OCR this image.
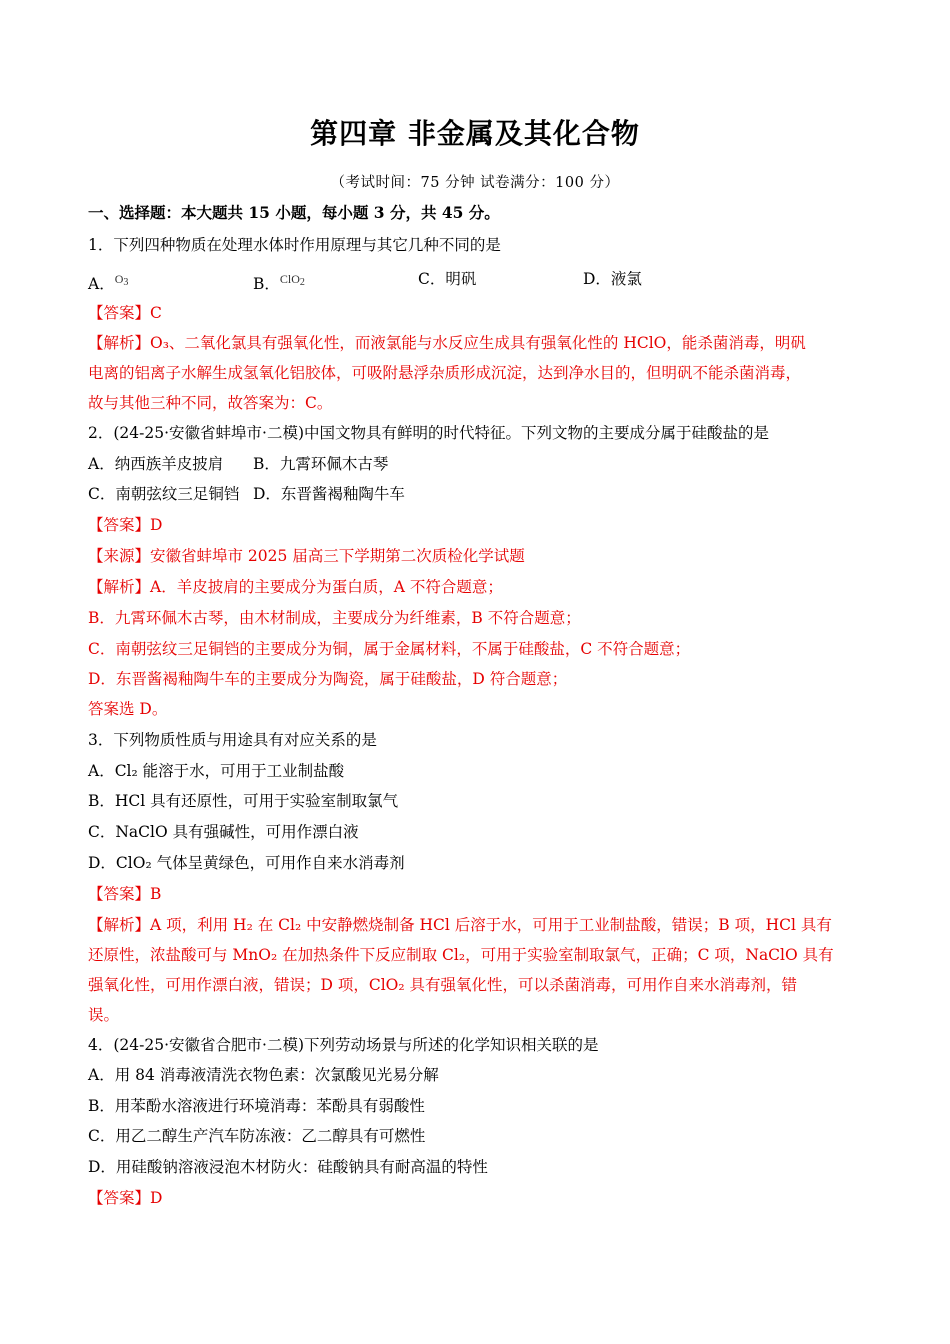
第四章 非金属及其化合物
（考试时间：75 分钟 试卷满分：100 分）
一、选择题：本大题共 15 小题，每小题 3 分，共 45 分。
1．下列四种物质在处理水体时作用原理与其它几种不同的是
A．$^{O_3}$	B．$^{ClO_2}$	C．明矾	D．液氯
【答案】C
【解析】O₃、二氧化氯具有强氧化性，而液氯能与水反应生成具有强氧化性的 HClO，能杀菌消毒，明矾
电离的铝离子水解生成氢氧化铝胶体，可吸附悬浮杂质形成沉淀，达到净水目的，但明矾不能杀菌消毒，
故与其他三种不同，故答案为：C。
2．(24-25·安徽省蚌埠市·二模)中国文物具有鲜明的时代特征。下列文物的主要成分属于硅酸盐的是
A．纳西族羊皮披肩 B．九霄环佩木古琴
C．南朝弦纹三足铜铛 D．东晋酱褐釉陶牛车
【答案】D
【来源】安徽省蚌埠市 2025 届高三下学期第二次质检化学试题
【解析】A．羊皮披肩的主要成分为蛋白质，A 不符合题意；
B．九霄环佩木古琴，由木材制成，主要成分为纤维素，B 不符合题意；
C．南朝弦纹三足铜铛的主要成分为铜，属于金属材料，不属于硅酸盐，C 不符合题意；
D．东晋酱褐釉陶牛车的主要成分为陶瓷，属于硅酸盐，D 符合题意；
答案选 D。
3．下列物质性质与用途具有对应关系的是
A．Cl₂ 能溶于水，可用于工业制盐酸
B．HCl 具有还原性，可用于实验室制取氯气
C．NaClO 具有强碱性，可用作漂白液
D．ClO₂ 气体呈黄绿色，可用作自来水消毒剂
【答案】B
【解析】A 项，利用 H₂ 在 Cl₂ 中安静燃烧制备 HCl 后溶于水，可用于工业制盐酸，错误；B 项，HCl 具有
还原性，浓盐酸可与 MnO₂ 在加热条件下反应制取 Cl₂，可用于实验室制取氯气，正确；C 项，NaClO 具有
强氧化性，可用作漂白液，错误；D 项，ClO₂ 具有强氧化性，可以杀菌消毒，可用作自来水消毒剂，错
误。
4．(24-25·安徽省合肥市·二模)下列劳动场景与所述的化学知识相关联的是
A．用 84 消毒液清洗衣物色素：次氯酸见光易分解
B．用苯酚水溶液进行环境消毒：苯酚具有弱酸性
C．用乙二醇生产汽车防冻液：乙二醇具有可燃性
D．用硅酸钠溶液浸泡木材防火：硅酸钠具有耐高温的特性
【答案】D
